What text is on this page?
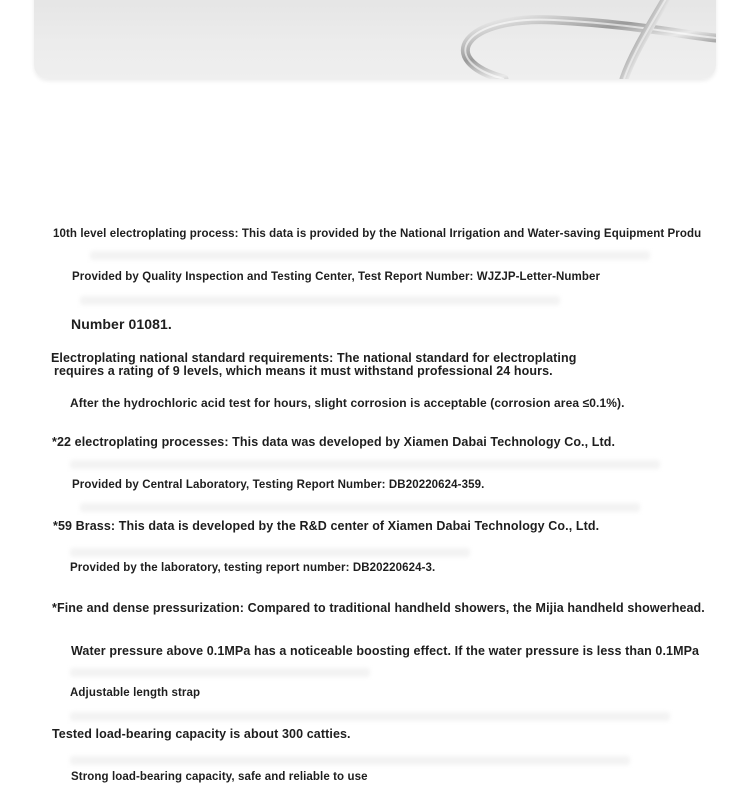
10th level electroplating process: This data is provided by the National Irrigation and Water-saving Equipment Produ
Provided by Quality Inspection and Testing Center, Test Report Number: WJZJP-Letter-Number
Number 01081.
Electroplating national standard requirements: The national standard for electroplating
requires a rating of 9 levels, which means it must withstand professional 24 hours.
After the hydrochloric acid test for hours, slight corrosion is acceptable (corrosion area ≤0.1%).
*22 electroplating processes: This data was developed by Xiamen Dabai Technology Co., Ltd.
Provided by Central Laboratory, Testing Report Number: DB20220624-359.
*59 Brass: This data is developed by the R&D center of Xiamen Dabai Technology Co., Ltd.
Provided by the laboratory, testing report number: DB20220624-3.
*Fine and dense pressurization: Compared to traditional handheld showers, the Mijia handheld showerhead.
Water pressure above 0.1MPa has a noticeable boosting effect. If the water pressure is less than 0.1MPa
Adjustable length strap
Tested load-bearing capacity is about 300 catties.
Strong load-bearing capacity, safe and reliable to use
